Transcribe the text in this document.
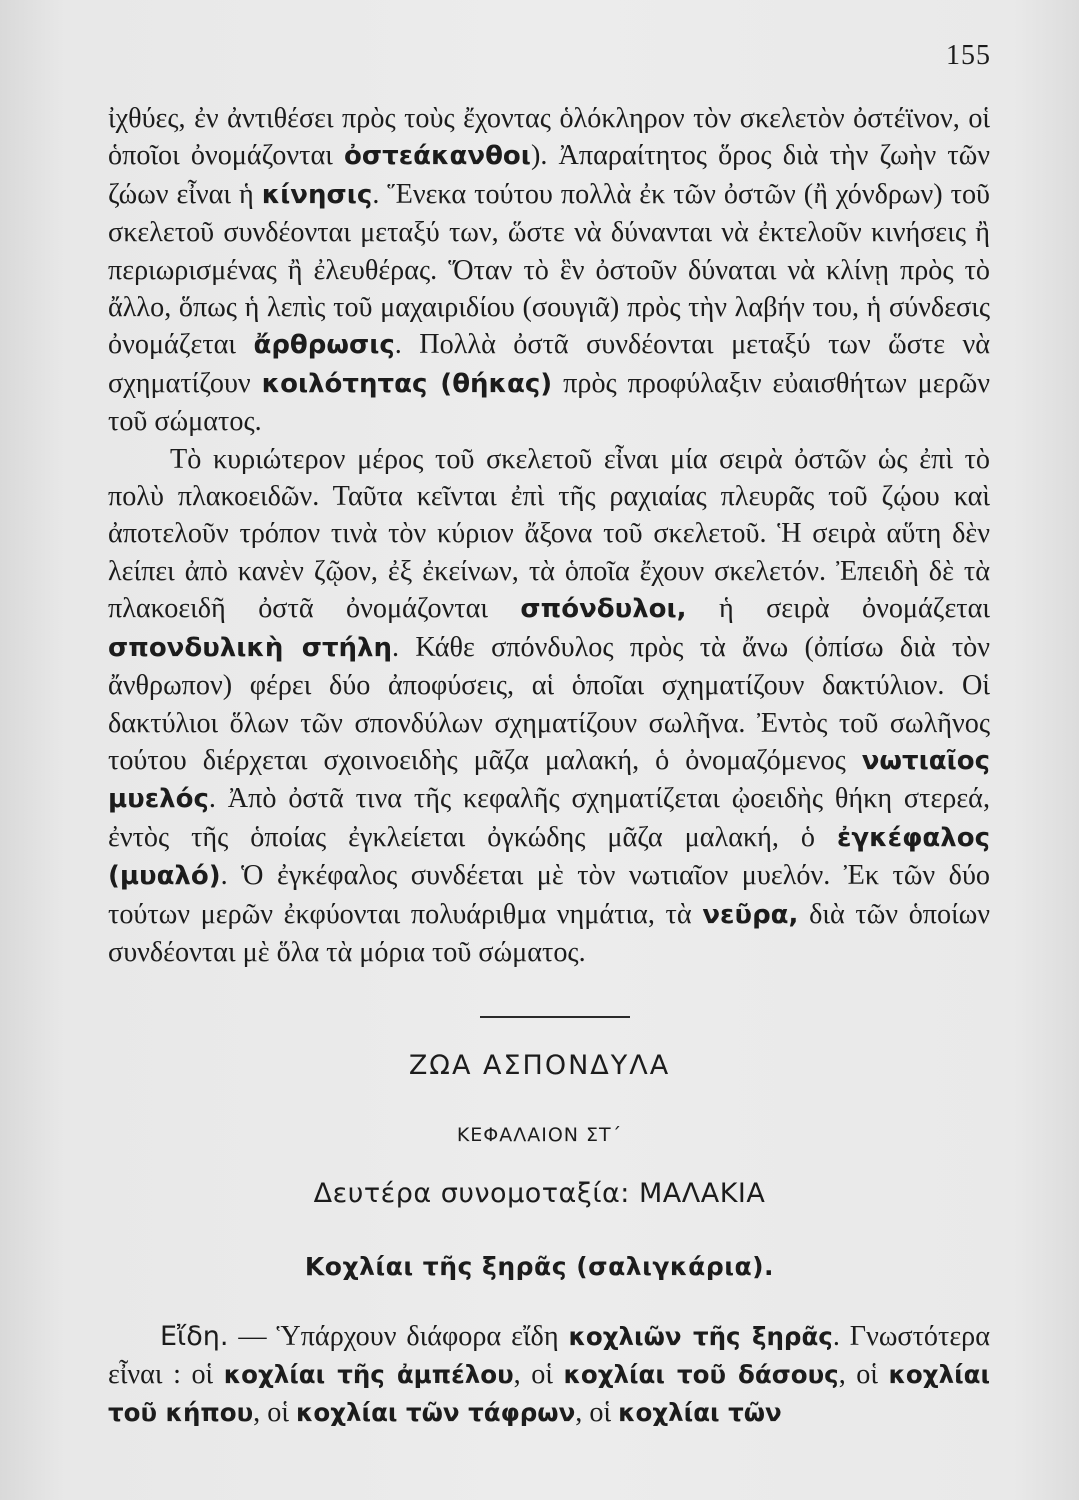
155

ἰχθύες, ἐν ἀντιθέσει πρὸς τοὺς ἔχοντας ὁλόκληρον τὸν σκελετὸν ὀστέϊνον, οἱ ὁποῖοι ὀνομάζονται ὀστεάκανθοι). Ἀπαραίτητος ὅρος διὰ τὴν ζωὴν τῶν ζώων εἶναι ἡ κίνησις. Ἕνεκα τούτου πολλὰ ἐκ τῶν ὀστῶν (ἢ χόνδρων) τοῦ σκελετοῦ συνδέονται μεταξύ των, ὥστε νὰ δύνανται νὰ ἐκτελοῦν κινήσεις ἢ περιωρισμένας ἢ ἐλευθέρας. Ὅταν τὸ ἓν ὀστοῦν δύναται νὰ κλίνῃ πρὸς τὸ ἄλλο, ὅπως ἡ λεπὶς τοῦ μαχαιριδίου (σουγιᾶ) πρὸς τὴν λαβήν του, ἡ σύνδεσις ὀνομάζεται ἄρθρωσις. Πολλὰ ὀστᾶ συνδέονται μεταξύ των ὥστε νὰ σχηματίζουν κοιλότητας (θήκας) πρὸς προφύλαξιν εὐαισθήτων μερῶν τοῦ σώματος.

Τὸ κυριώτερον μέρος τοῦ σκελετοῦ εἶναι μία σειρὰ ὀστῶν ὡς ἐπὶ τὸ πολὺ πλακοειδῶν. Ταῦτα κεῖνται ἐπὶ τῆς ραχιαίας πλευρᾶς τοῦ ζῴου καὶ ἀποτελοῦν τρόπον τινὰ τὸν κύριον ἄξονα τοῦ σκελετοῦ. Ἡ σειρὰ αὕτη δὲν λείπει ἀπὸ κανὲν ζῷον, ἐξ ἐκείνων, τὰ ὁποῖα ἔχουν σκελετόν. Ἐπειδὴ δὲ τὰ πλακοειδῆ ὀστᾶ ὀνομάζονται σπόνδυλοι, ἡ σειρὰ ὀνομάζεται σπονδυλικὴ στήλη. Κάθε σπόνδυλος πρὸς τὰ ἄνω (ὀπίσω διὰ τὸν ἄνθρωπον) φέρει δύο ἀποφύσεις, αἱ ὁποῖαι σχηματίζουν δακτύλιον. Οἱ δακτύλιοι ὅλων τῶν σπονδύλων σχηματίζουν σωλῆνα. Ἐντὸς τοῦ σωλῆνος τούτου διέρχεται σχοινοειδὴς μᾶζα μαλακή, ὁ ὀνομαζόμενος νωτιαῖος μυελός. Ἀπὸ ὀστᾶ τινα τῆς κεφαλῆς σχηματίζεται ᾠοειδὴς θήκη στερεά, ἐντὸς τῆς ὁποίας ἐγκλείεται ὀγκώδης μᾶζα μαλακή, ὁ ἐγκέφαλος (μυαλό). Ὁ ἐγκέφαλος συνδέεται μὲ τὸν νωτιαῖον μυελόν. Ἐκ τῶν δύο τούτων μερῶν ἐκφύονται πολυάριθμα νημάτια, τὰ νεῦρα, διὰ τῶν ὁποίων συνδέονται μὲ ὅλα τὰ μόρια τοῦ σώματος.

ΖΩΑ ΑΣΠΟΝΔΥΛΑ
ΚΕΦΑΛΑΙΟΝ ΣΤ΄
Δευτέρα συνομοταξία: ΜΑΛΑΚΙΑ
Κοχλίαι τῆς ξηρᾶς (σαλιγκάρια).
Εἴδη. — Ὑπάρχουν διάφορα εἴδη κοχλιῶν τῆς ξηρᾶς. Γνωστότερα εἶναι : οἱ κοχλίαι τῆς ἀμπέλου, οἱ κοχλίαι τοῦ δάσους, οἱ κοχλίαι τοῦ κήπου, οἱ κοχλίαι τῶν τάφρων, οἱ κοχλίαι τῶν
